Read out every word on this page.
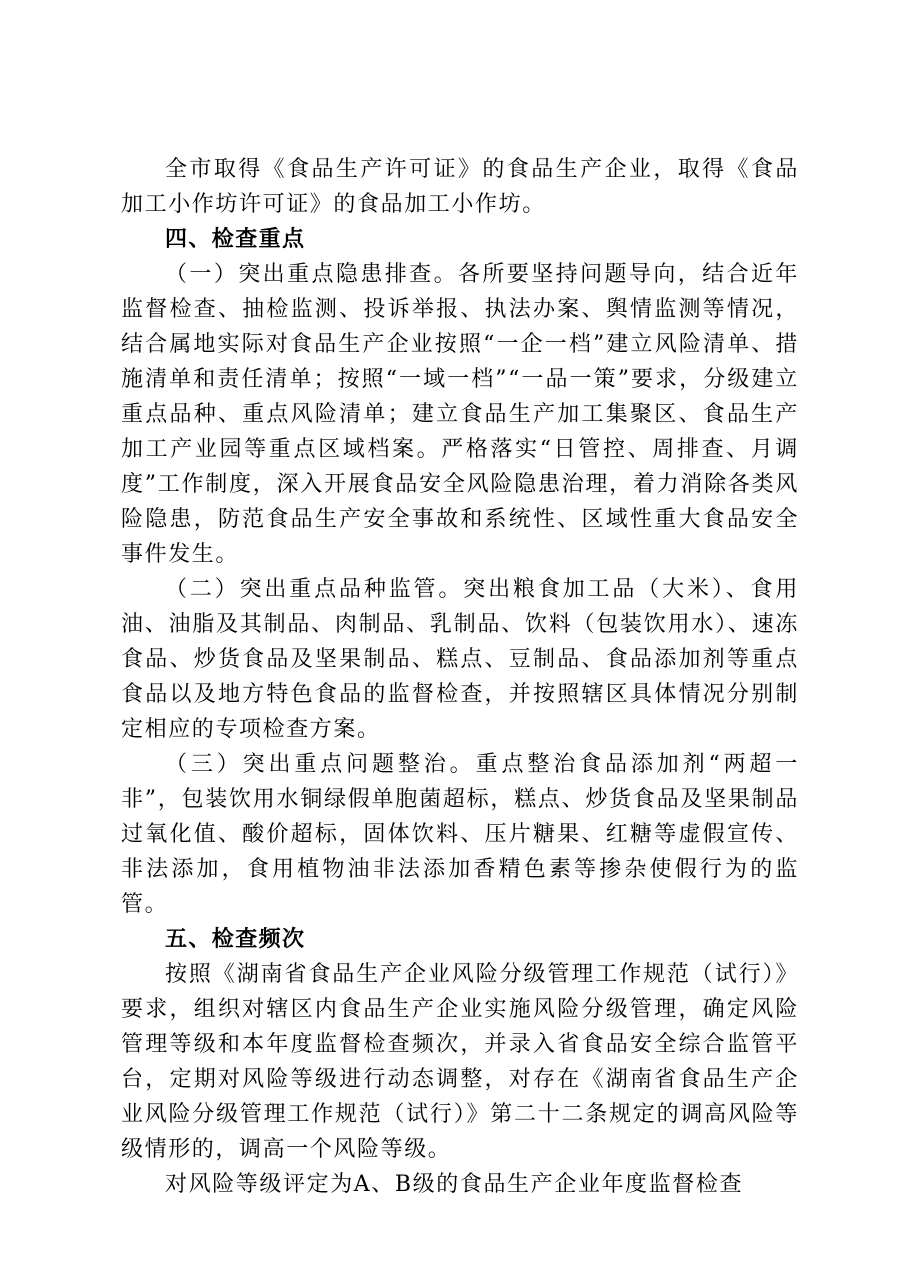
全市取得《食品生产许可证》的食品生产企业，取得《食品加工小作坊许可证》的食品加工小作坊。

四、检查重点

（一）突出重点隐患排查。各所要坚持问题导向，结合近年监督检查、抽检监测、投诉举报、执法办案、舆情监测等情况，结合属地实际对食品生产企业按照“一企一档”建立风险清单、措施清单和责任清单；按照“一域一档”“一品一策”要求，分级建立重点品种、重点风险清单；建立食品生产加工集聚区、食品生产加工产业园等重点区域档案。严格落实“日管控、周排查、月调度”工作制度，深入开展食品安全风险隐患治理，着力消除各类风险隐患，防范食品生产安全事故和系统性、区域性重大食品安全事件发生。

（二）突出重点品种监管。突出粮食加工品（大米）、食用油、油脂及其制品、肉制品、乳制品、饮料（包装饮用水）、速冻食品、炒货食品及坚果制品、糕点、豆制品、食品添加剂等重点食品以及地方特色食品的监督检查，并按照辖区具体情况分别制定相应的专项检查方案。

（三）突出重点问题整治。重点整治食品添加剂“两超一非”，包装饮用水铜绿假单胞菌超标，糕点、炒货食品及坚果制品过氧化值、酸价超标，固体饮料、压片糖果、红糖等虚假宣传、非法添加，食用植物油非法添加香精色素等掺杂使假行为的监管。

五、检查频次

按照《湖南省食品生产企业风险分级管理工作规范（试行）》要求，组织对辖区内食品生产企业实施风险分级管理，确定风险管理等级和本年度监督检查频次，并录入省食品安全综合监管平台，定期对风险等级进行动态调整，对存在《湖南省食品生产企业风险分级管理工作规范（试行）》第二十二条规定的调高风险等级情形的，调高一个风险等级。

对风险等级评定为A、B级的食品生产企业年度监督检查
